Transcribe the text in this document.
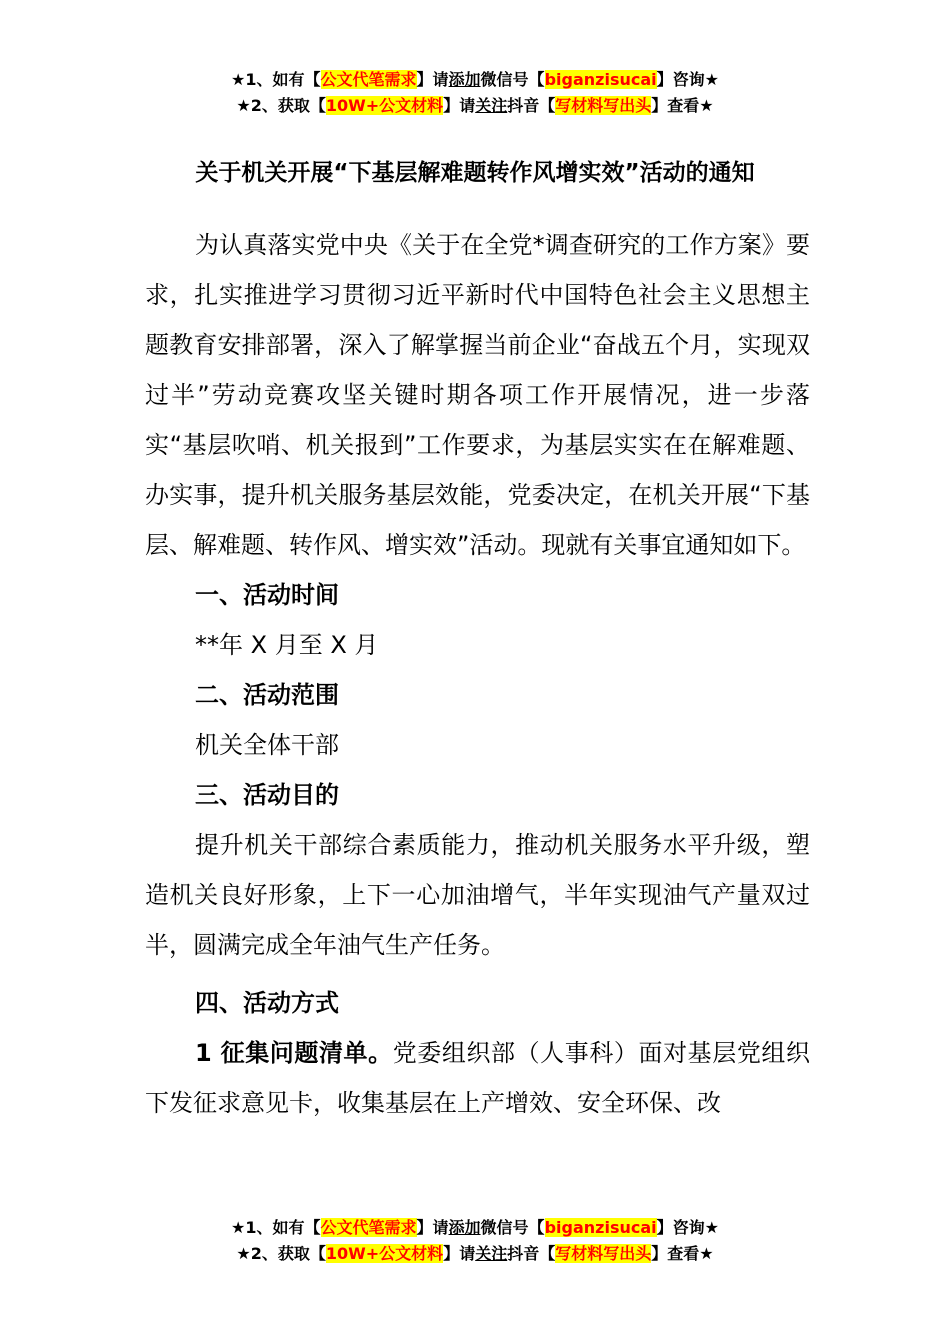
★1、如有【公文代笔需求】请添加微信号【biganzisucai】咨询★
★2、获取【10W+公文材料】请关注抖音【写材料写出头】查看★
关于机关开展“下基层解难题转作风增实效”活动的通知

为认真落实党中央《关于在全党*调查研究的工作方案》要求，扎实推进学习贯彻习近平新时代中国特色社会主义思想主题教育安排部署，深入了解掌握当前企业“奋战五个月，实现双过半”劳动竞赛攻坚关键时期各项工作开展情况，进一步落实“基层吹哨、机关报到”工作要求，为基层实实在在解难题、办实事，提升机关服务基层效能，党委决定，在机关开展“下基层、解难题、转作风、增实效”活动。现就有关事宜通知如下。

一、活动时间

**年 X 月至 X 月

二、活动范围

机关全体干部

三、活动目的

提升机关干部综合素质能力，推动机关服务水平升级，塑造机关良好形象，上下一心加油增气，半年实现油气产量双过半，圆满完成全年油气生产任务。

四、活动方式

1 征集问题清单。党委组织部（人事科）面对基层党组织下发征求意见卡，收集基层在上产增效、安全环保、改

★1、如有【公文代笔需求】请添加微信号【biganzisucai】咨询★
★2、获取【10W+公文材料】请关注抖音【写材料写出头】查看★
